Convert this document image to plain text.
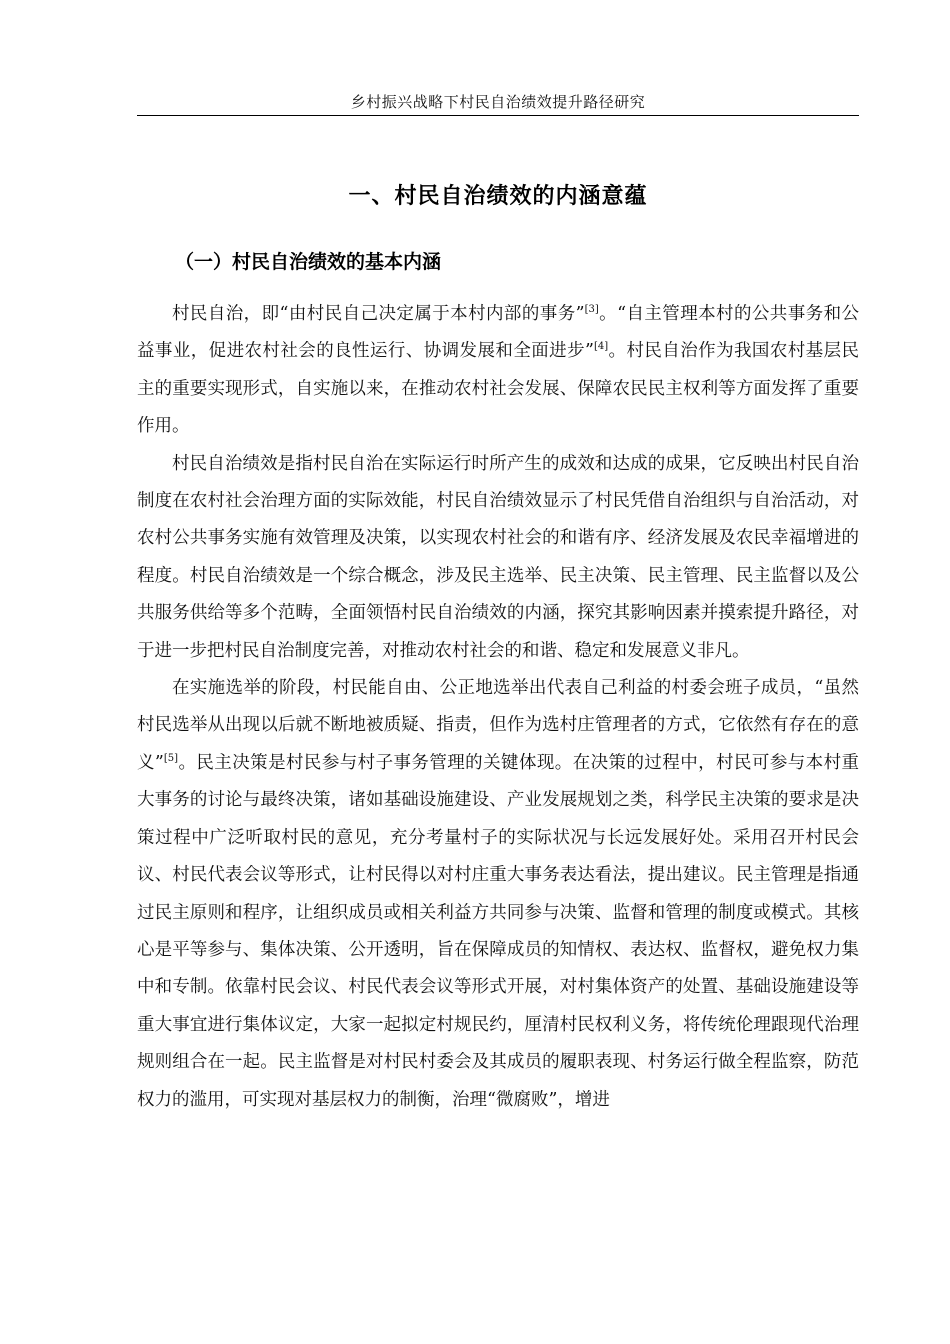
乡村振兴战略下村民自治绩效提升路径研究
一、村民自治绩效的内涵意蕴
（一）村民自治绩效的基本内涵

村民自治，即“由村民自己决定属于本村内部的事务”[3]。“自主管理本村的公共事务和公益事业，促进农村社会的良性运行、协调发展和全面进步”[4]。村民自治作为我国农村基层民主的重要实现形式，自实施以来，在推动农村社会发展、保障农民民主权利等方面发挥了重要作用。

村民自治绩效是指村民自治在实际运行时所产生的成效和达成的成果，它反映出村民自治制度在农村社会治理方面的实际效能，村民自治绩效显示了村民凭借自治组织与自治活动，对农村公共事务实施有效管理及决策，以实现农村社会的和谐有序、经济发展及农民幸福增进的程度。村民自治绩效是一个综合概念，涉及民主选举、民主决策、民主管理、民主监督以及公共服务供给等多个范畴，全面领悟村民自治绩效的内涵，探究其影响因素并摸索提升路径，对于进一步把村民自治制度完善，对推动农村社会的和谐、稳定和发展意义非凡。

在实施选举的阶段，村民能自由、公正地选举出代表自己利益的村委会班子成员，“虽然村民选举从出现以后就不断地被质疑、指责，但作为选村庄管理者的方式，它依然有存在的意义”[5]。民主决策是村民参与村子事务管理的关键体现。在决策的过程中，村民可参与本村重大事务的讨论与最终决策，诸如基础设施建设、产业发展规划之类，科学民主决策的要求是决策过程中广泛听取村民的意见，充分考量村子的实际状况与长远发展好处。采用召开村民会议、村民代表会议等形式，让村民得以对村庄重大事务表达看法，提出建议。民主管理是指通过民主原则和程序，让组织成员或相关利益方共同参与决策、监督和管理的制度或模式。其核心是平等参与、集体决策、公开透明，旨在保障成员的知情权、表达权、监督权，避免权力集中和专制。依靠村民会议、村民代表会议等形式开展，对村集体资产的处置、基础设施建设等重大事宜进行集体议定，大家一起拟定村规民约，厘清村民权利义务，将传统伦理跟现代治理规则组合在一起。民主监督是对村民村委会及其成员的履职表现、村务运行做全程监察，防范权力的滥用，可实现对基层权力的制衡，治理“微腐败”，增进
